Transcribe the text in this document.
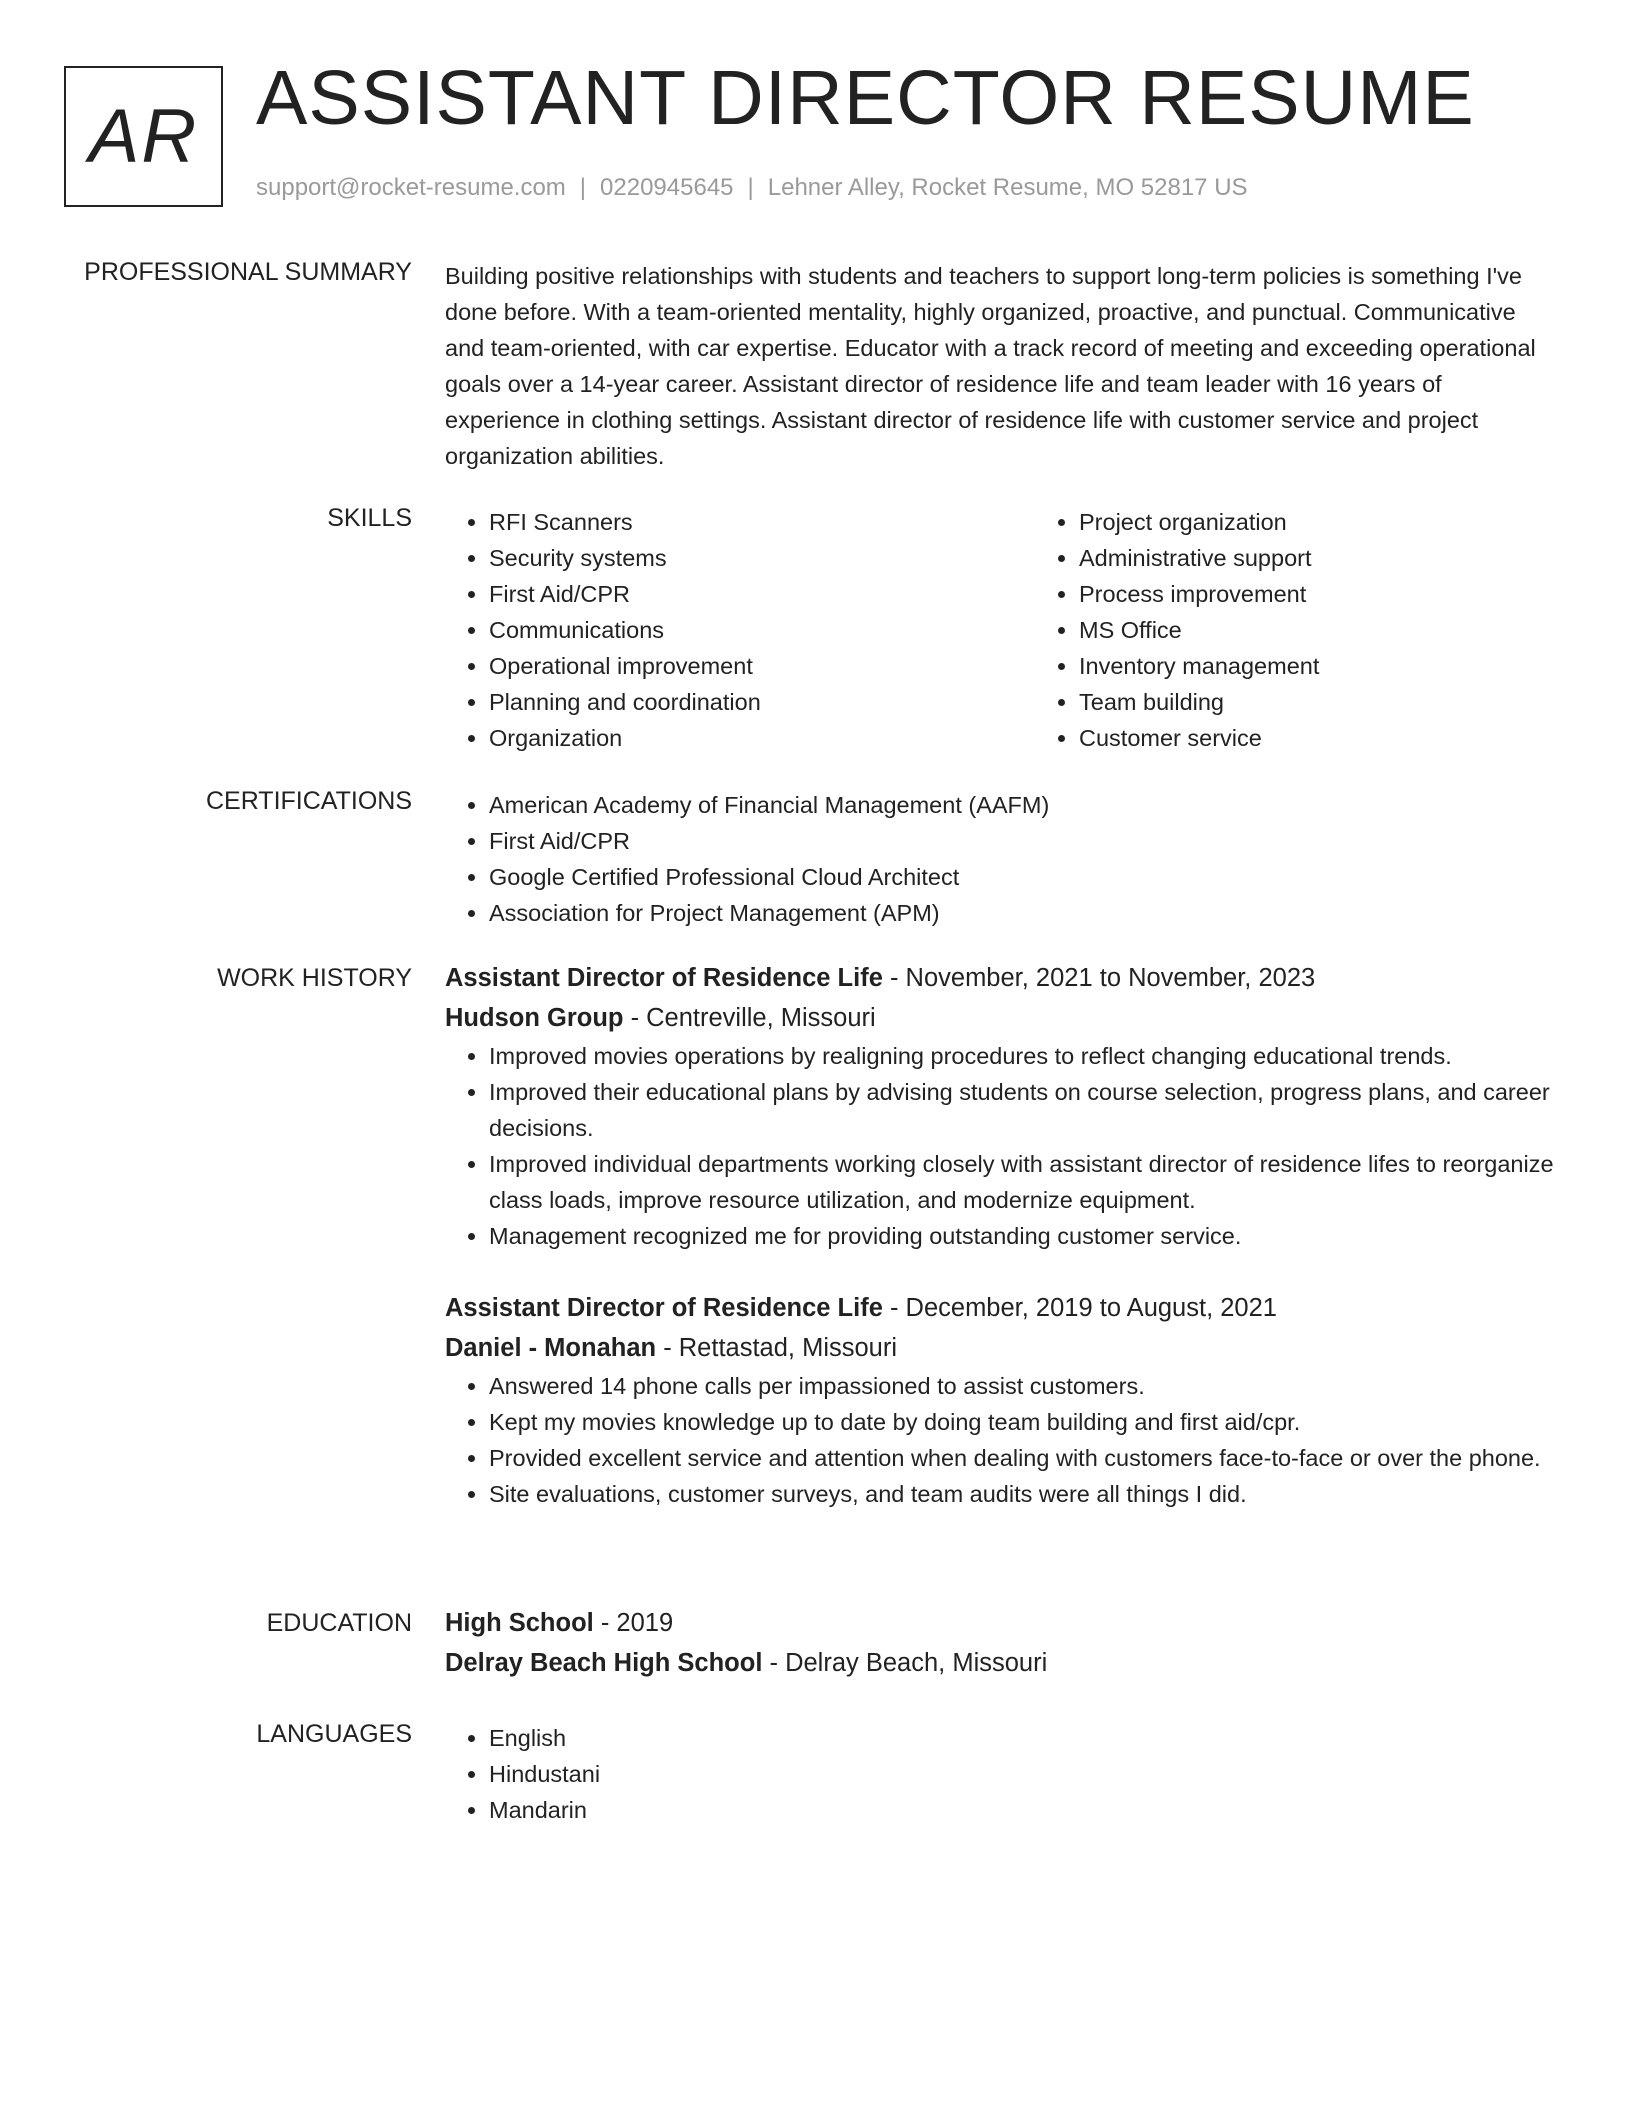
AR ASSISTANT DIRECTOR RESUME
support@rocket-resume.com | 0220945645 | Lehner Alley, Rocket Resume, MO 52817 US
PROFESSIONAL SUMMARY Building positive relationships with students and teachers to support long-term policies is something I've done before. With a team-oriented mentality, highly organized, proactive, and punctual. Communicative and team-oriented, with car expertise. Educator with a track record of meeting and exceeding operational goals over a 14-year career. Assistant director of residence life and team leader with 16 years of experience in clothing settings. Assistant director of residence life with customer service and project organization abilities.

SKILLS	• RFI Scanners
• Security systems
• First Aid/CPR
• Communications
• Operational improvement
• Planning and coordination
• Organization
• Project organization
• Administrative support
• Process improvement
• MS Office
• Inventory management
• Team building
• Customer service
CERTIFICATIONS	• American Academy of Financial Management (AAFM)
• First Aid/CPR
• Google Certified Professional Cloud Architect
• Association for Project Management (APM)
WORK HISTORY Assistant Director of Residence Life - November, 2021 to November, 2023
Hudson Group - Centreville, Missouri
• Improved movies operations by realigning procedures to reflect changing educational trends.
• Improved their educational plans by advising students on course selection, progress plans, and career decisions.
• Improved individual departments working closely with assistant director of residence lifes to reorganize class loads, improve resource utilization, and modernize equipment.
• Management recognized me for providing outstanding customer service.
Assistant Director of Residence Life - December, 2019 to August, 2021
Daniel - Monahan - Rettastad, Missouri
• Answered 14 phone calls per impassioned to assist customers.
• Kept my movies knowledge up to date by doing team building and first aid/cpr.
• Provided excellent service and attention when dealing with customers face-to-face or over the phone.
• Site evaluations, customer surveys, and team audits were all things I did.
EDUCATION High School - 2019
Delray Beach High School - Delray Beach, Missouri
LANGUAGES	• English
• Hindustani
• Mandarin
